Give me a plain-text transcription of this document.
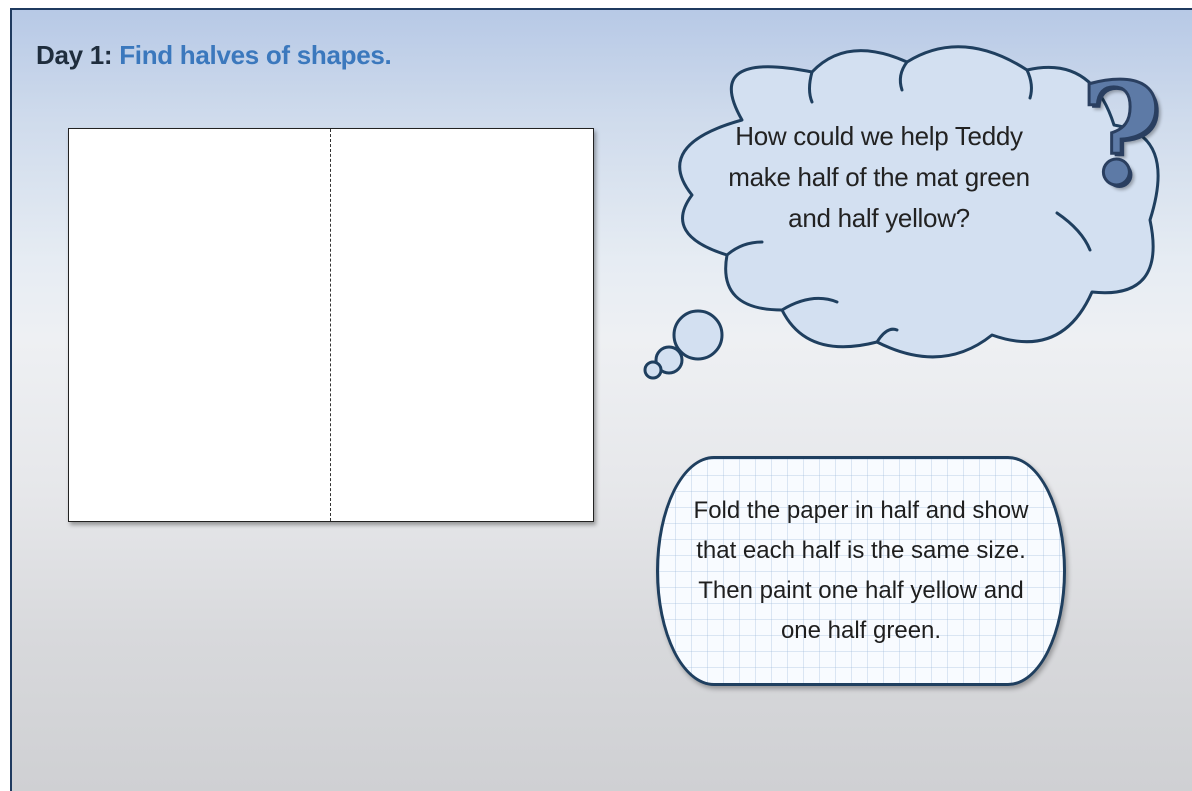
Day 1: Find halves of shapes.
How could we help Teddy make half of the mat green and half yellow?
?
Fold the paper in half and show that each half is the same size. Then paint one half yellow and one half green.
